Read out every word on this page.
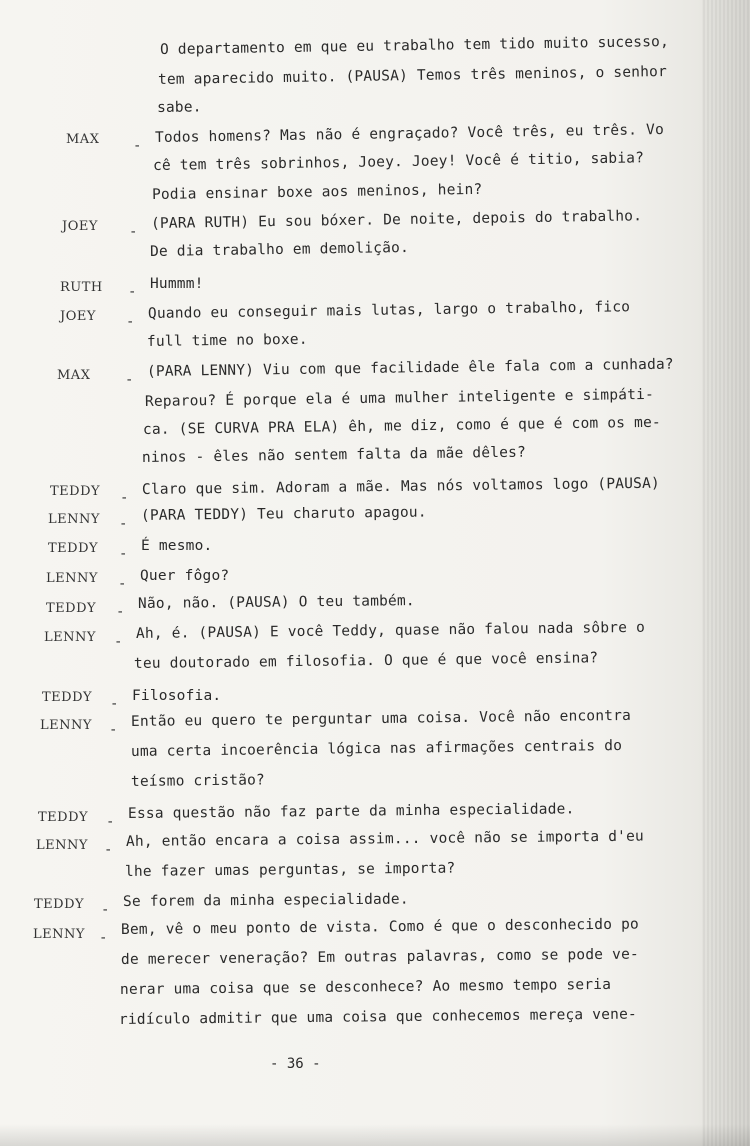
O departamento em que eu trabalho tem tido muito sucesso,
tem aparecido muito. (PAUSA) Temos três meninos, o senhor
sabe.
MAX -
Todos homens? Mas não é engraçado? Você três, eu três. Vo
cê tem três sobrinhos, Joey. Joey! Você é titio, sabia?
Podia ensinar boxe aos meninos, hein?
JOEY -
(PARA RUTH) Eu sou bóxer. De noite, depois do trabalho.
De dia trabalho em demolição.
RUTH - Hummm!
JOEY -
Quando eu conseguir mais lutas, largo o trabalho, fico
full time no boxe.
MAX -
(PARA LENNY) Viu com que facilidade êle fala com a cunhada?
Reparou? É porque ela é uma mulher inteligente e simpáti-
ca. (SE CURVA PRA ELA) êh, me diz, como é que é com os me-
ninos - êles não sentem falta da mãe dêles?
TEDDY -
Claro que sim. Adoram a mãe. Mas nós voltamos logo (PAUSA)
LENNY -
(PARA TEDDY) Teu charuto apagou.
TEDDY - É mesmo.
LENNY - Quer fôgo?
TEDDY -
Não, não. (PAUSA) O teu também.
LENNY -
Ah, é. (PAUSA) E você Teddy, quase não falou nada sôbre o
teu doutorado em filosofia. O que é que você ensina?
TEDDY - Filosofia.
LENNY -
Então eu quero te perguntar uma coisa. Você não encontra
uma certa incoerência lógica nas afirmações centrais do
teísmo cristão?
TEDDY -
Essa questão não faz parte da minha especialidade.
LENNY -
Ah, então encara a coisa assim... você não se importa d'eu
lhe fazer umas perguntas, se importa?
TEDDY -
Se forem da minha especialidade.
LENNY -
Bem, vê o meu ponto de vista. Como é que o desconhecido po
de merecer veneração? Em outras palavras, como se pode ve-
nerar uma coisa que se desconhece? Ao mesmo tempo seria
ridículo admitir que uma coisa que conhecemos mereça vene-
- 36 -
